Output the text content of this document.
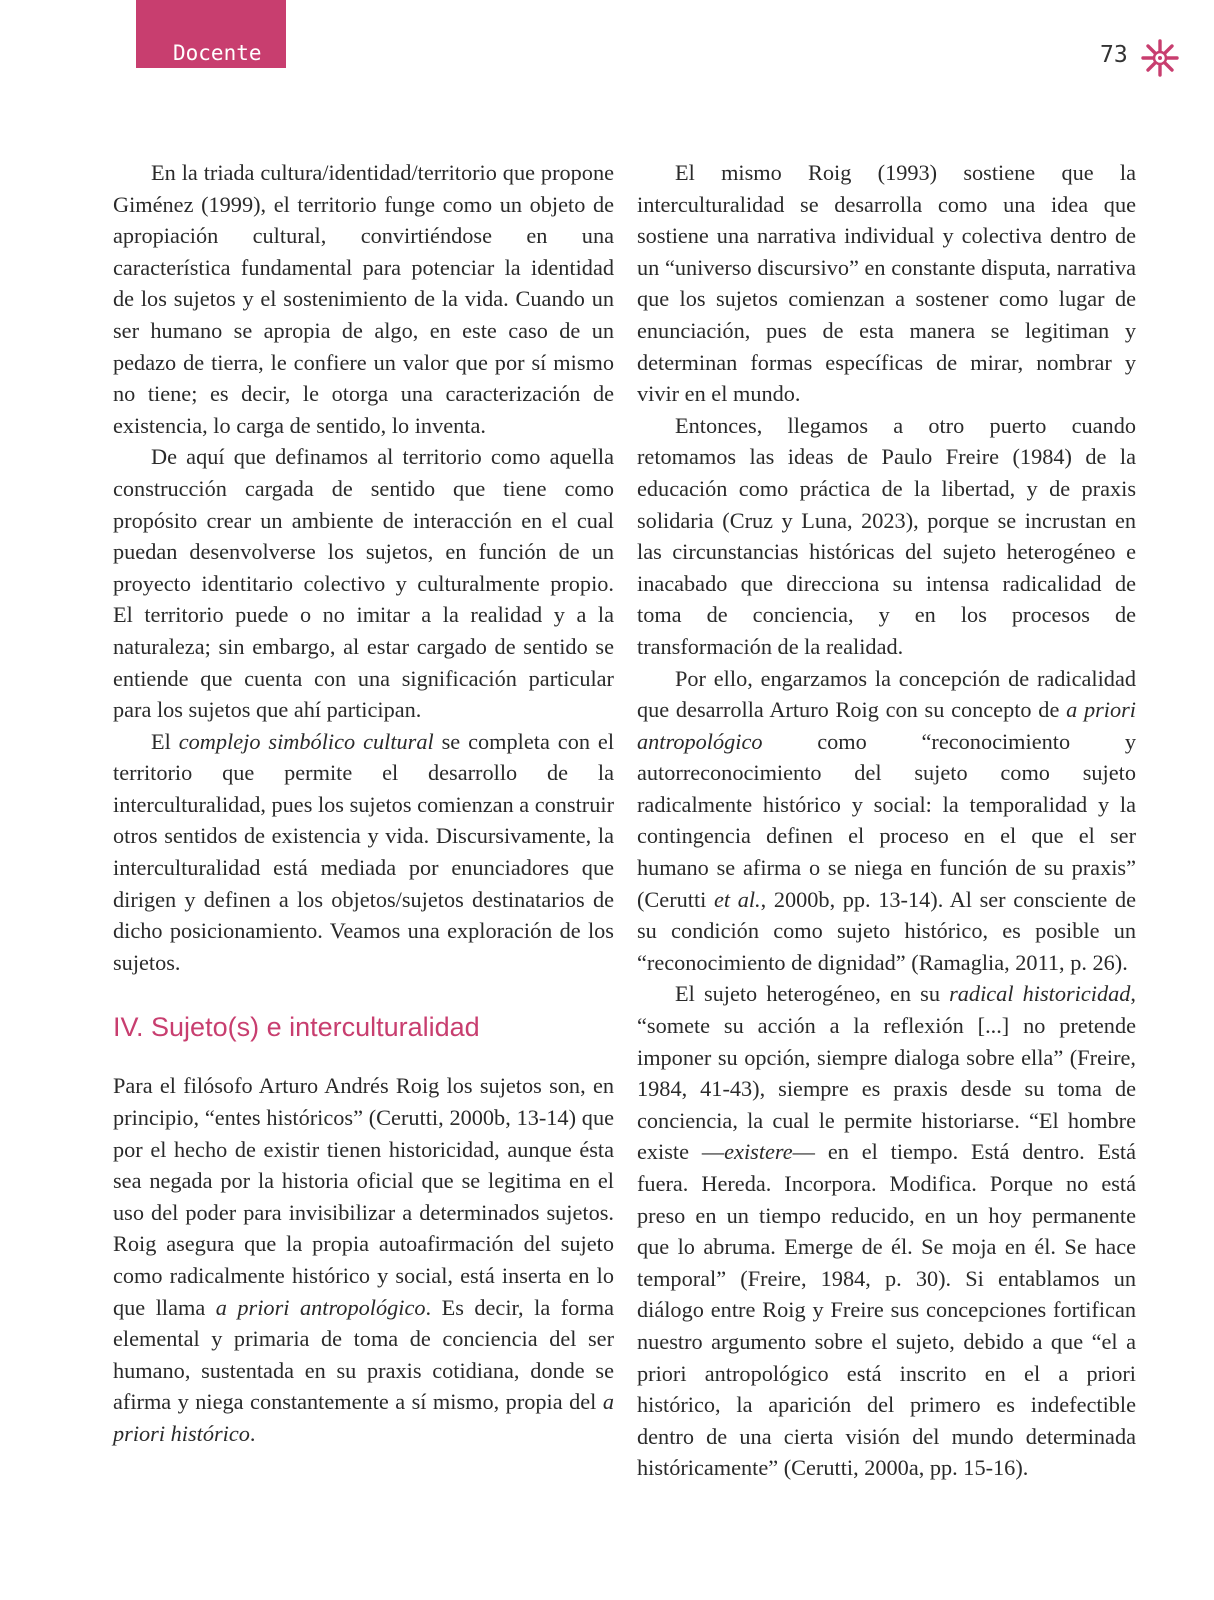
Docente	73

En la triada cultura/identidad/territorio que propone Giménez (1999), el territorio funge como un objeto de apropiación cultural, convirtiéndose en una característica fundamental para potenciar la identidad de los sujetos y el sostenimiento de la vida. Cuando un ser humano se apropia de algo, en este caso de un pedazo de tierra, le confiere un valor que por sí mismo no tiene; es decir, le otorga una caracterización de existencia, lo carga de sentido, lo inventa.

De aquí que definamos al territorio como aquella construcción cargada de sentido que tiene como propósito crear un ambiente de interacción en el cual puedan desenvolverse los sujetos, en función de un proyecto identitario colectivo y culturalmente propio. El territorio puede o no imitar a la realidad y a la naturaleza; sin embargo, al estar cargado de sentido se entiende que cuenta con una significación particular para los sujetos que ahí participan.

El complejo simbólico cultural se completa con el territorio que permite el desarrollo de la interculturalidad, pues los sujetos comienzan a construir otros sentidos de existencia y vida. Discursivamente, la interculturalidad está mediada por enunciadores que dirigen y definen a los objetos/sujetos destinatarios de dicho posicionamiento. Veamos una exploración de los sujetos.

IV. Sujeto(s) e interculturalidad

Para el filósofo Arturo Andrés Roig los sujetos son, en principio, “entes históricos” (Cerutti, 2000b, 13-14) que por el hecho de existir tienen historicidad, aunque ésta sea negada por la historia oficial que se legitima en el uso del poder para invisibilizar a determinados sujetos. Roig asegura que la propia autoafirmación del sujeto como radicalmente histórico y social, está inserta en lo que llama a priori antropológico. Es decir, la forma elemental y primaria de toma de conciencia del ser humano, sustentada en su praxis cotidiana, donde se afirma y niega constantemente a sí mismo, propia del a priori histórico.

El mismo Roig (1993) sostiene que la interculturalidad se desarrolla como una idea que sostiene una narrativa individual y colectiva dentro de un “universo discursivo” en constante disputa, narrativa que los sujetos comienzan a sostener como lugar de enunciación, pues de esta manera se legitiman y determinan formas específicas de mirar, nombrar y vivir en el mundo.

Entonces, llegamos a otro puerto cuando retomamos las ideas de Paulo Freire (1984) de la educación como práctica de la libertad, y de praxis solidaria (Cruz y Luna, 2023), porque se incrustan en las circunstancias históricas del sujeto heterogéneo e inacabado que direcciona su intensa radicalidad de toma de conciencia, y en los procesos de transformación de la realidad.

Por ello, engarzamos la concepción de radicalidad que desarrolla Arturo Roig con su concepto de a priori antropológico como “reconocimiento y autorreconocimiento del sujeto como sujeto radicalmente histórico y social: la temporalidad y la contingencia definen el proceso en el que el ser humano se afirma o se niega en función de su praxis” (Cerutti et al., 2000b, pp. 13-14). Al ser consciente de su condición como sujeto histórico, es posible un “reconocimiento de dignidad” (Ramaglia, 2011, p. 26).

El sujeto heterogéneo, en su radical historicidad, “somete su acción a la reflexión [...] no pretende imponer su opción, siempre dialoga sobre ella” (Freire, 1984, 41-43), siempre es praxis desde su toma de conciencia, la cual le permite historiarse. “El hombre existe —existere— en el tiempo. Está dentro. Está fuera. Hereda. Incorpora. Modifica. Porque no está preso en un tiempo reducido, en un hoy permanente que lo abruma. Emerge de él. Se moja en él. Se hace temporal” (Freire, 1984, p. 30). Si entablamos un diálogo entre Roig y Freire sus concepciones fortifican nuestro argumento sobre el sujeto, debido a que “el a priori antropológico está inscrito en el a priori histórico, la aparición del primero es indefectible dentro de una cierta visión del mundo determinada históricamente” (Cerutti, 2000a, pp. 15-16).
